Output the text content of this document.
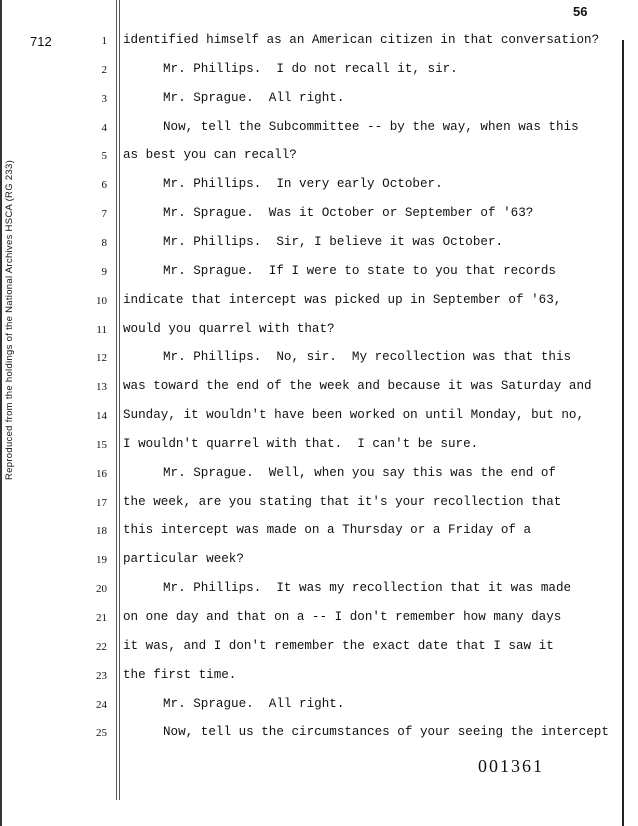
712
Reproduced from the holdings of the National Archives HSCA (RG 233)
56
1 identified himself as an American citizen in that conversation?
2	Mr. Phillips.  I do not recall it, sir.
3	Mr. Sprague.  All right.
4	Now, tell the Subcommittee -- by the way, when was this
5 as best you can recall?
6	Mr. Phillips.  In very early October.
7	Mr. Sprague.  Was it October or September of '63?
8	Mr. Phillips.  Sir, I believe it was October.
9	Mr. Sprague.  If I were to state to you that records
10 indicate that intercept was picked up in September of '63,
11 would you quarrel with that?
12	Mr. Phillips.  No, sir.  My recollection was that this
13 was toward the end of the week and because it was Saturday and
14 Sunday, it wouldn't have been worked on until Monday, but no,
15 I wouldn't quarrel with that.  I can't be sure.
16	Mr. Sprague.  Well, when you say this was the end of
17 the week, are you stating that it's your recollection that
18 this intercept was made on a Thursday or a Friday of a
19 particular week?
20	Mr. Phillips.  It was my recollection that it was made
21 on one day and that on a -- I don't remember how many days
22 it was, and I don't remember the exact date that I saw it
23 the first time.
24	Mr. Sprague.  All right.
25	Now, tell us the circumstances of your seeing the intercept
001361
